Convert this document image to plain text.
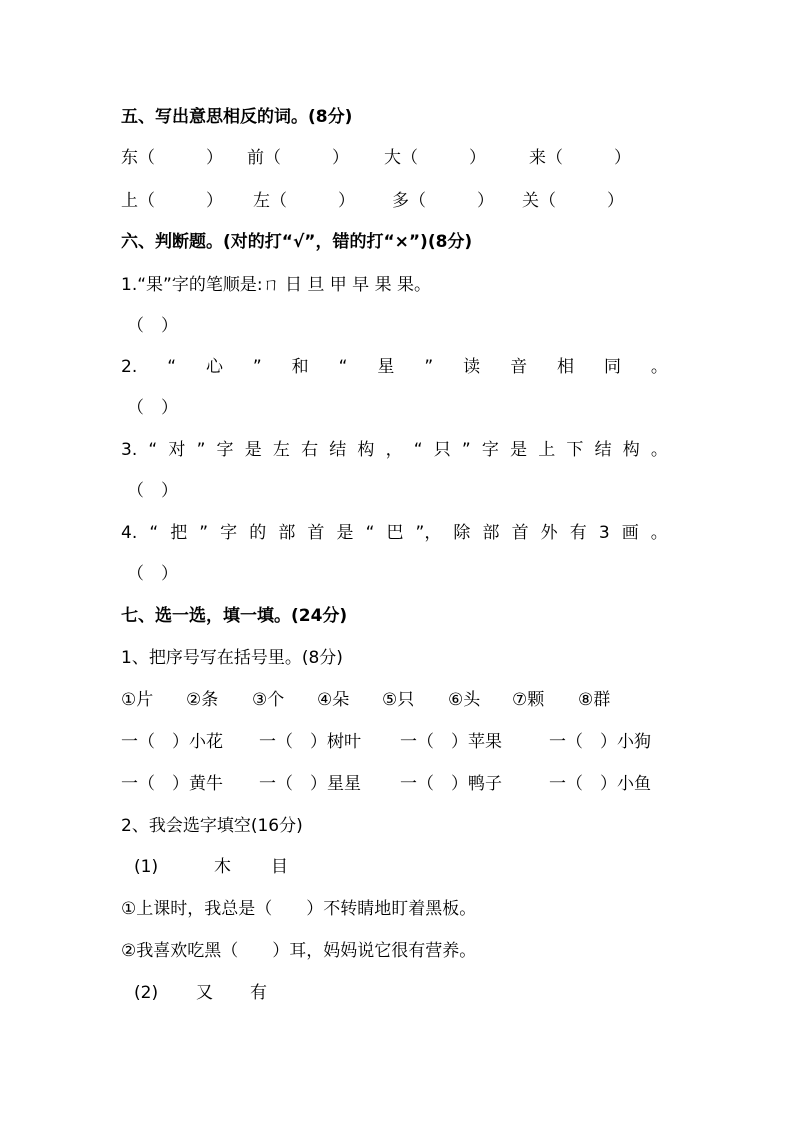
五、写出意思相反的词。(8分)
东（　　　） 前（　　　） 大（　　　）	来（　　　）
上（　　　） 左（　　　） 多（　　　） 关（　　　）
六、判断题。(对的打“√”，错的打“×”)(8分)
1.“果”字的笔顺是:ㄇ 日 旦 甲 早 果 果。
（　）
2. “ 心 ” 和 “ 星 ” 读 音 相 同 。
（　）
3. “ 对 ” 字 是 左 右 结 构 ， “ 只 ” 字 是 上 下 结 构 。
（　）
4. “ 把 ” 字 的 部 首 是 “ 巴 ”， 除 部 首 外 有 3 画 。
（　）
七、选一选，填一填。(24分)
1、把序号写在括号里。(8分)
①片 ②条 ③个 ④朵 ⑤只 ⑥头 ⑦颗 ⑧群
一（　）小花 一（　）树叶 一（　）苹果	一（　）小狗
一（　）黄牛 一（　）星星 一（　）鸭子	一（　）小鱼
2、我会选字填空(16分)
(1)	木 目
①上课时，我总是（　　）不转睛地盯着黑板。
②我喜欢吃黑（　　）耳，妈妈说它很有营养。
(2) 又 有
